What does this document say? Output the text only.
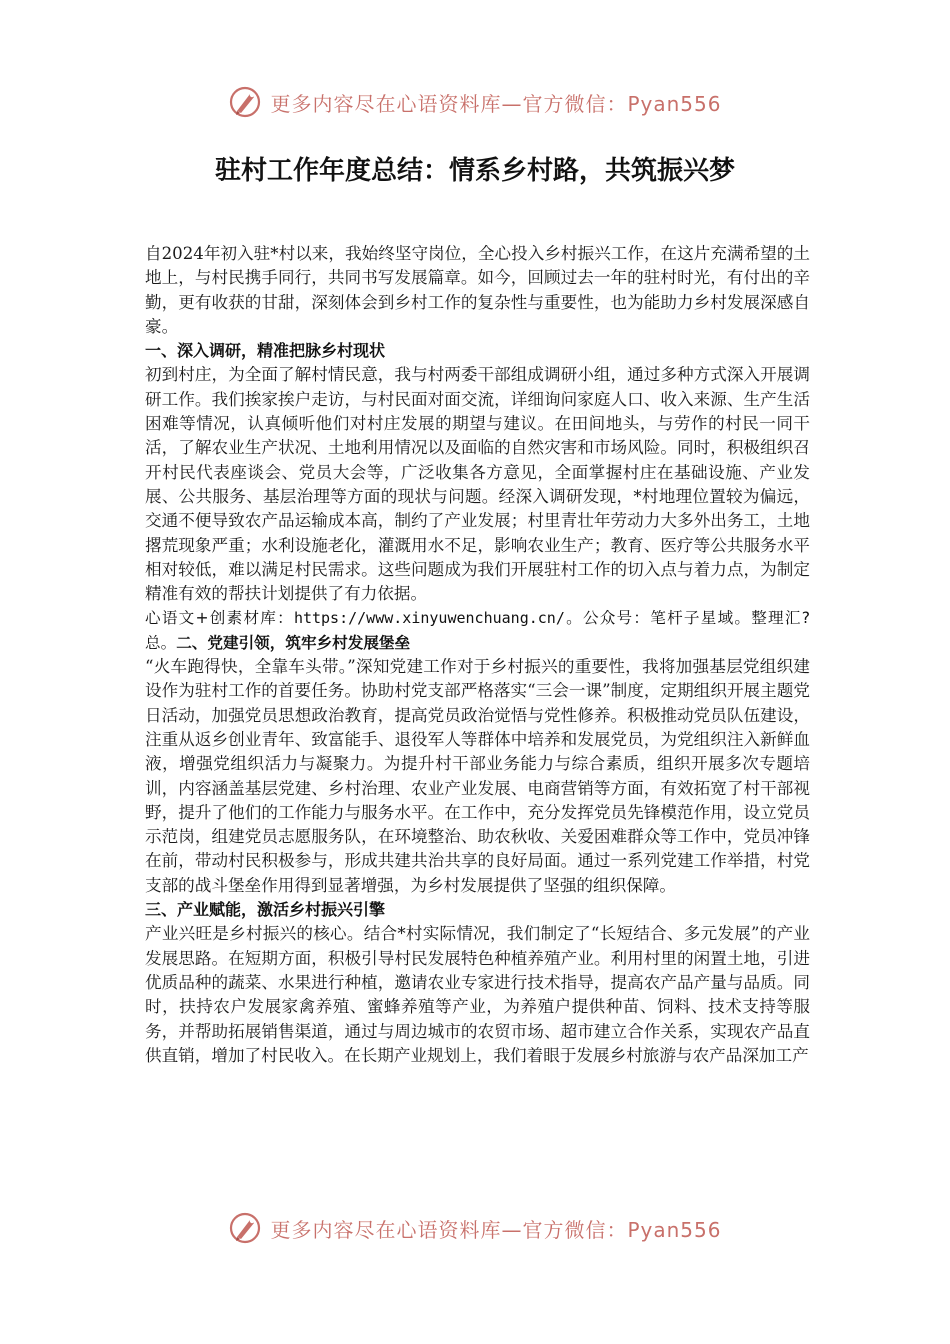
更多内容尽在心语资料库—官方微信：Pyan556
驻村工作年度总结：情系乡村路，共筑振兴梦

自2024年初入驻*村以来，我始终坚守岗位，全心投入乡村振兴工作，在这片充满希望的土地上，与村民携手同行，共同书写发展篇章。如今，回顾过去一年的驻村时光，有付出的辛勤，更有收获的甘甜，深刻体会到乡村工作的复杂性与重要性，也为能助力乡村发展深感自豪。

一、深入调研，精准把脉乡村现状

初到村庄，为全面了解村情民意，我与村两委干部组成调研小组，通过多种方式深入开展调研工作。我们挨家挨户走访，与村民面对面交流，详细询问家庭人口、收入来源、生产生活困难等情况，认真倾听他们对村庄发展的期望与建议。在田间地头，与劳作的村民一同干活，了解农业生产状况、土地利用情况以及面临的自然灾害和市场风险。同时，积极组织召开村民代表座谈会、党员大会等，广泛收集各方意见，全面掌握村庄在基础设施、产业发展、公共服务、基层治理等方面的现状与问题。经深入调研发现，*村地理位置较为偏远，交通不便导致农产品运输成本高，制约了产业发展；村里青壮年劳动力大多外出务工，土地撂荒现象严重；水利设施老化，灌溉用水不足，影响农业生产；教育、医疗等公共服务水平相对较低，难以满足村民需求。这些问题成为我们开展驻村工作的切入点与着力点，为制定精准有效的帮扶计划提供了有力依据。

心语文+创素材库：https://www.xinyuwenchuang.cn/。公众号：笔杆子星域。整理汇?总。二、党建引领，筑牢乡村发展堡垒

“火车跑得快，全靠车头带。”深知党建工作对于乡村振兴的重要性，我将加强基层党组织建设作为驻村工作的首要任务。协助村党支部严格落实“三会一课”制度，定期组织开展主题党日活动，加强党员思想政治教育，提高党员政治觉悟与党性修养。积极推动党员队伍建设，注重从返乡创业青年、致富能手、退役军人等群体中培养和发展党员，为党组织注入新鲜血液，增强党组织活力与凝聚力。为提升村干部业务能力与综合素质，组织开展多次专题培训，内容涵盖基层党建、乡村治理、农业产业发展、电商营销等方面，有效拓宽了村干部视野，提升了他们的工作能力与服务水平。在工作中，充分发挥党员先锋模范作用，设立党员示范岗，组建党员志愿服务队，在环境整治、助农秋收、关爱困难群众等工作中，党员冲锋在前，带动村民积极参与，形成共建共治共享的良好局面。通过一系列党建工作举措，村党支部的战斗堡垒作用得到显著增强，为乡村发展提供了坚强的组织保障。

三、产业赋能，激活乡村振兴引擎

产业兴旺是乡村振兴的核心。结合*村实际情况，我们制定了“长短结合、多元发展”的产业发展思路。在短期方面，积极引导村民发展特色种植养殖产业。利用村里的闲置土地，引进优质品种的蔬菜、水果进行种植，邀请农业专家进行技术指导，提高农产品产量与品质。同时，扶持农户发展家禽养殖、蜜蜂养殖等产业，为养殖户提供种苗、饲料、技术支持等服务，并帮助拓展销售渠道，通过与周边城市的农贸市场、超市建立合作关系，实现农产品直供直销，增加了村民收入。在长期产业规划上，我们着眼于发展乡村旅游与农产品深加工产

更多内容尽在心语资料库—官方微信：Pyan556
